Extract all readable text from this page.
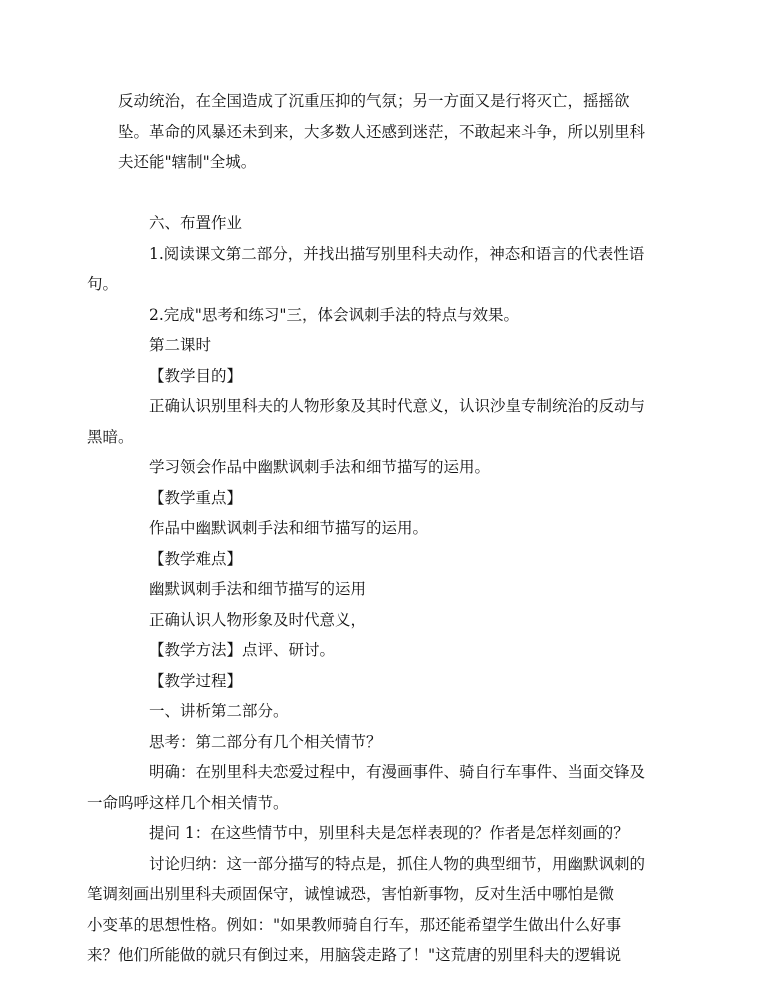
反动统治，在全国造成了沉重压抑的气氛；另一方面又是行将灭亡，摇摇欲
坠。革命的风暴还未到来，大多数人还感到迷茫，不敢起来斗争，所以别里科
夫还能"辖制"全城。

六、布置作业

1.阅读课文第二部分，并找出描写别里科夫动作，神态和语言的代表性语
句。

2.完成"思考和练习"三，体会讽刺手法的特点与效果。

第二课时

【教学目的】

正确认识别里科夫的人物形象及其时代意义，认识沙皇专制统治的反动与
黑暗。

学习领会作品中幽默讽刺手法和细节描写的运用。

【教学重点】

作品中幽默讽刺手法和细节描写的运用。

【教学难点】

幽默讽刺手法和细节描写的运用

正确认识人物形象及时代意义，

【教学方法】点评、研讨。

【教学过程】

一、讲析第二部分。

思考：第二部分有几个相关情节？

明确：在别里科夫恋爱过程中，有漫画事件、骑自行车事件、当面交锋及
一命呜呼这样几个相关情节。

提问 1：在这些情节中，别里科夫是怎样表现的？作者是怎样刻画的？

讨论归纳：这一部分描写的特点是，抓住人物的典型细节，用幽默讽刺的
笔调刻画出别里科夫顽固保守，诚惶诚恐，害怕新事物，反对生活中哪怕是微
小变革的思想性格。例如："如果教师骑自行车，那还能希望学生做出什么好事
来？他们所能做的就只有倒过来，用脑袋走路了！"这荒唐的别里科夫的逻辑说
